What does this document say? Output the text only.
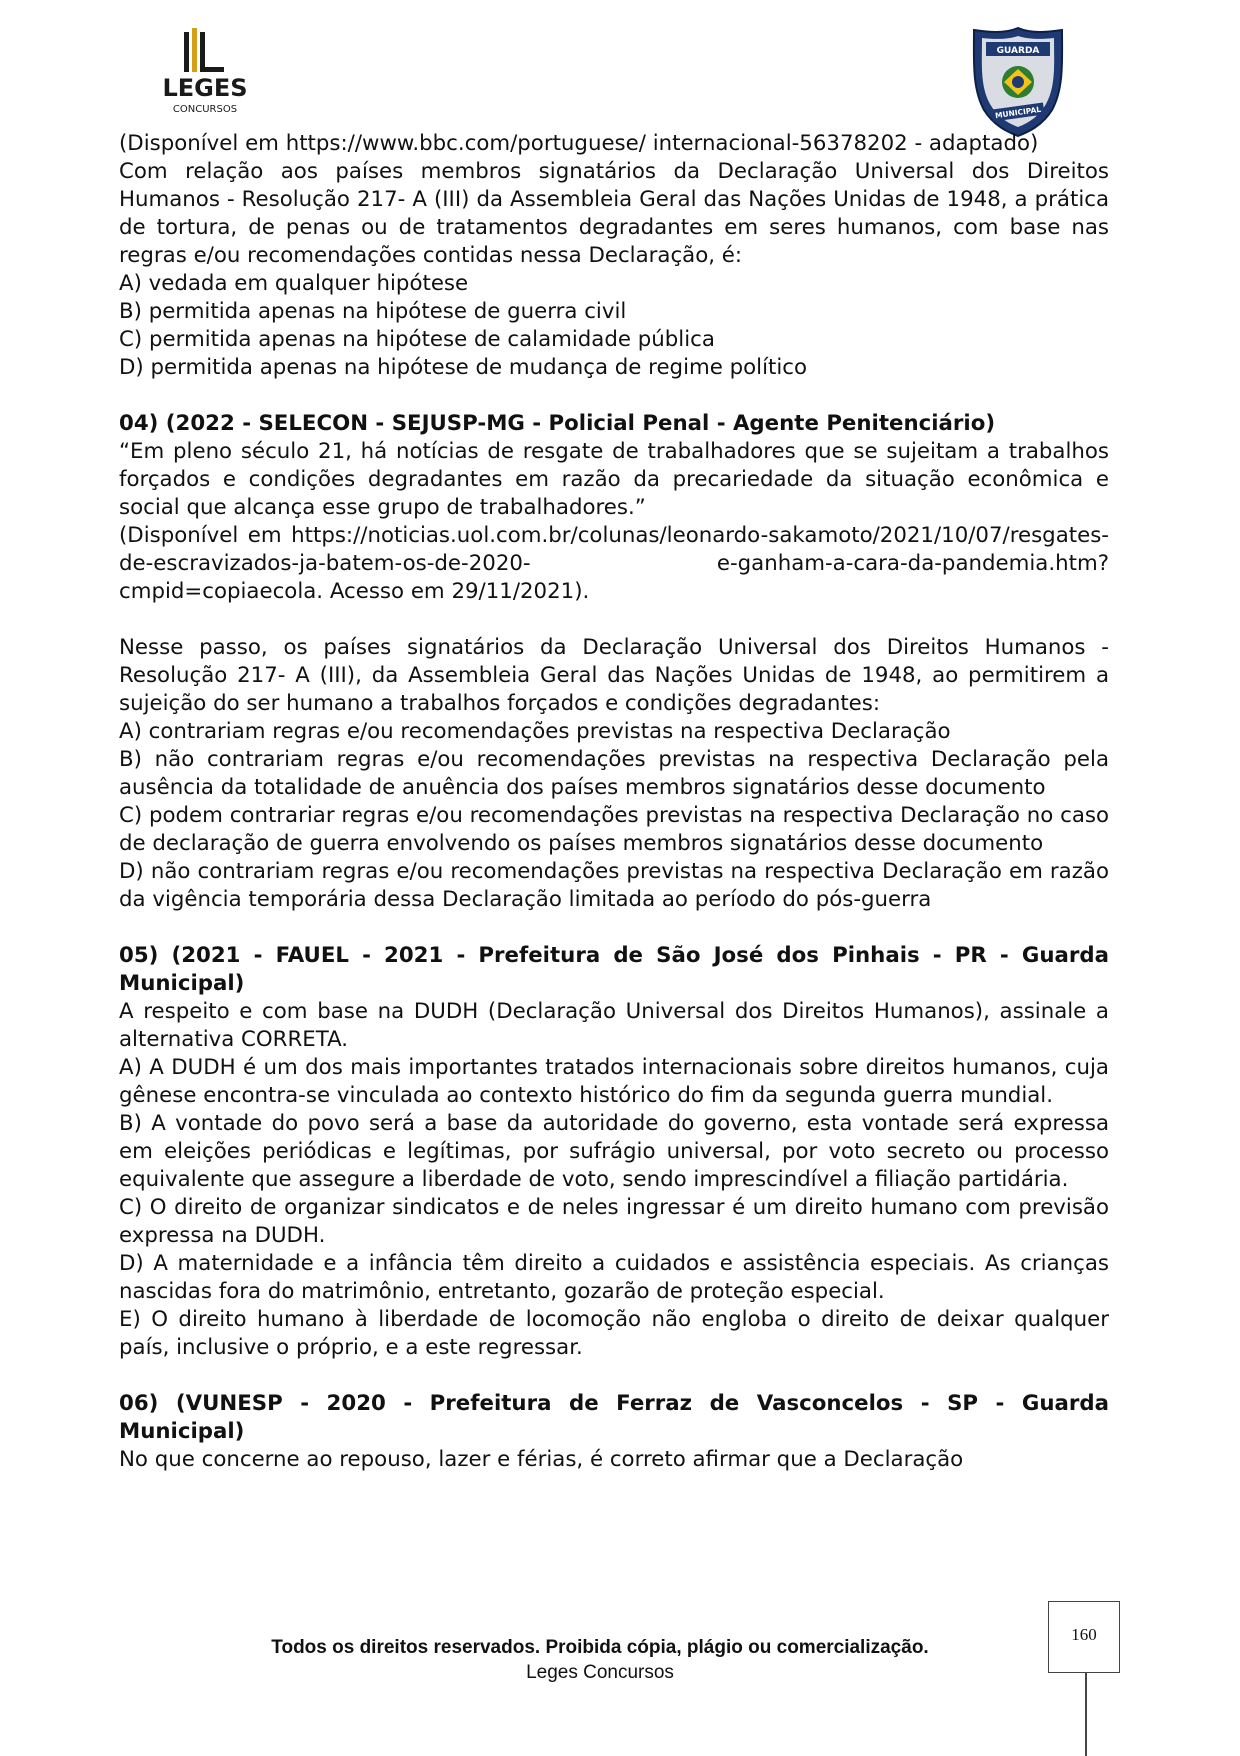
LEGES
CONCURSOS
GUARDA
MUNICIPAL

(Disponível em https://www.bbc.com/portuguese/ internacional-56378202 - adaptado)

Com relação aos países membros signatários da Declaração Universal dos Direitos Humanos - Resolução 217- A (III) da Assembleia Geral das Nações Unidas de 1948, a prática de tortura, de penas ou de tratamentos degradantes em seres humanos, com base nas regras e/ou recomendações contidas nessa Declaração, é:

A) vedada em qualquer hipótese

B) permitida apenas na hipótese de guerra civil

C) permitida apenas na hipótese de calamidade pública

D) permitida apenas na hipótese de mudança de regime político

04) (2022 - SELECON - SEJUSP-MG - Policial Penal - Agente Penitenciário)

“Em pleno século 21, há notícias de resgate de trabalhadores que se sujeitam a trabalhos forçados e condições degradantes em razão da precariedade da situação econômica e social que alcança esse grupo de trabalhadores.”

(Disponível em https://noticias.uol.com.br/colunas/leonardo-sakamoto/2021/10/07/resgates-de-escravizados-ja-batem-os-de-2020- e-ganham-a-cara-da-pandemia.htm?cmpid=copiaecola. Acesso em 29/11/2021).

Nesse passo, os países signatários da Declaração Universal dos Direitos Humanos - Resolução 217- A (III), da Assembleia Geral das Nações Unidas de 1948, ao permitirem a sujeição do ser humano a trabalhos forçados e condições degradantes:

A) contrariam regras e/ou recomendações previstas na respectiva Declaração

B) não contrariam regras e/ou recomendações previstas na respectiva Declaração pela ausência da totalidade de anuência dos países membros signatários desse documento

C) podem contrariar regras e/ou recomendações previstas na respectiva Declaração no caso de declaração de guerra envolvendo os países membros signatários desse documento

D) não contrariam regras e/ou recomendações previstas na respectiva Declaração em razão da vigência temporária dessa Declaração limitada ao período do pós-guerra

05) (2021 - FAUEL - 2021 - Prefeitura de São José dos Pinhais - PR - Guarda Municipal)

A respeito e com base na DUDH (Declaração Universal dos Direitos Humanos), assinale a alternativa CORRETA.

A) A DUDH é um dos mais importantes tratados internacionais sobre direitos humanos, cuja gênese encontra-se vinculada ao contexto histórico do fim da segunda guerra mundial.

B) A vontade do povo será a base da autoridade do governo, esta vontade será expressa em eleições periódicas e legítimas, por sufrágio universal, por voto secreto ou processo equivalente que assegure a liberdade de voto, sendo imprescindível a filiação partidária.

C) O direito de organizar sindicatos e de neles ingressar é um direito humano com previsão expressa na DUDH.

D) A maternidade e a infância têm direito a cuidados e assistência especiais. As crianças nascidas fora do matrimônio, entretanto, gozarão de proteção especial.

E) O direito humano à liberdade de locomoção não engloba o direito de deixar qualquer país, inclusive o próprio, e a este regressar.

06) (VUNESP - 2020 - Prefeitura de Ferraz de Vasconcelos - SP - Guarda Municipal)

No que concerne ao repouso, lazer e férias, é correto afirmar que a Declaração

Todos os direitos reservados. Proibida cópia, plágio ou comercialização.
Leges Concursos
160
